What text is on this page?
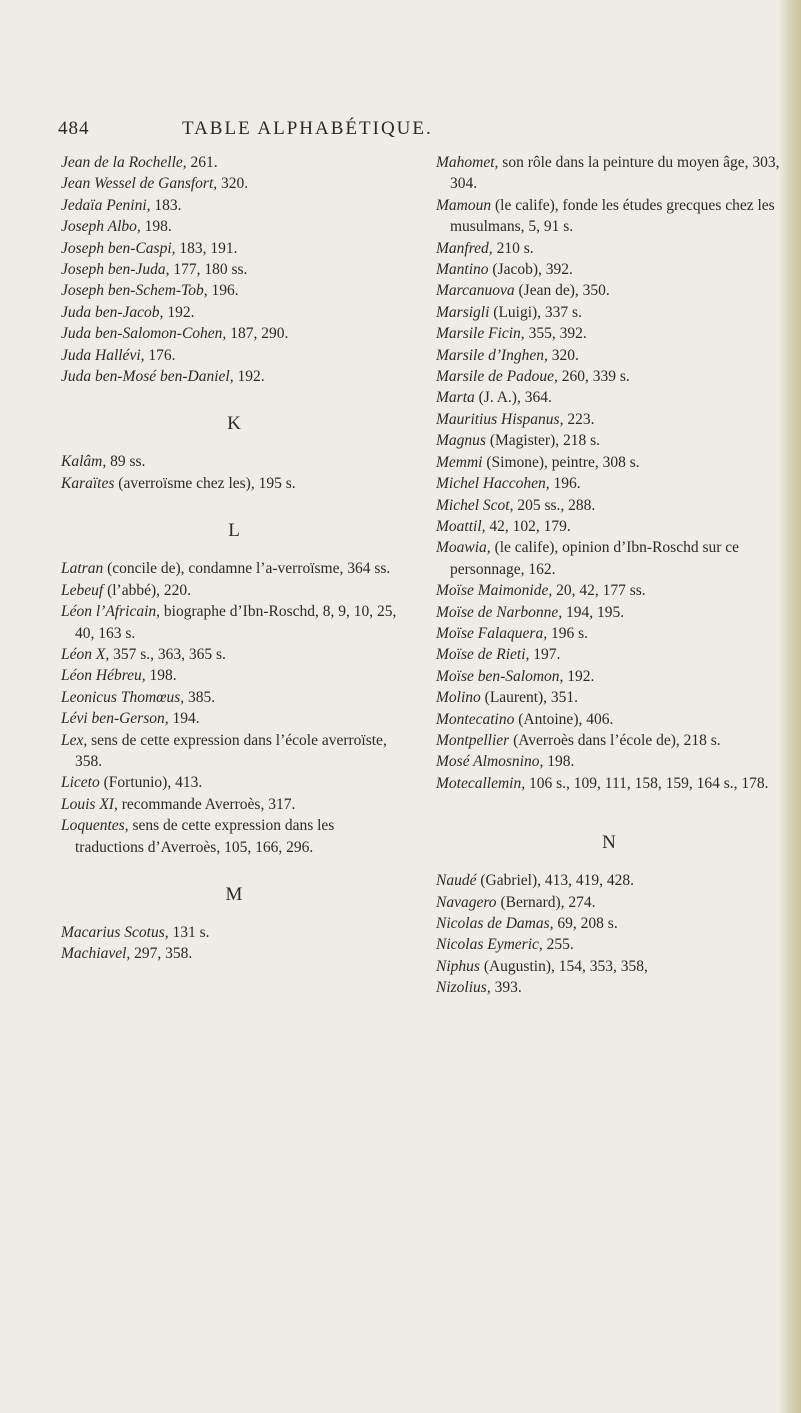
484	TABLE ALPHABÉTIQUE.

Jean de la Rochelle, 261.

Jean Wessel de Gansfort, 320.

Jedaïa Penini, 183.

Joseph Albo, 198.

Joseph ben-Caspi, 183, 191.

Joseph ben-Juda, 177, 180 ss.

Joseph ben-Schem-Tob, 196.

Juda ben-Jacob, 192.

Juda ben-Salomon-Cohen, 187, 290.

Juda Hallévi, 176.

Juda ben-Mosé ben-Daniel, 192.

K

Kalâm, 89 ss.

Karaïtes (averroïsme chez les), 195 s.

L

Latran (concile de), condamne l’a-verroïsme, 364 ss.

Lebeuf (l’abbé), 220.

Léon l’Africain, biographe d’Ibn-Roschd, 8, 9, 10, 25, 40, 163 s.

Léon X, 357 s., 363, 365 s.

Léon Hébreu, 198.

Leonicus Thomœus, 385.

Lévi ben-Gerson, 194.

Lex, sens de cette expression dans l’école averroïste, 358.

Liceto (Fortunio), 413.

Louis XI, recommande Averroès, 317.

Loquentes, sens de cette expression dans les traductions d’Averroès, 105, 166, 296.

M

Macarius Scotus, 131 s.

Machiavel, 297, 358.

Mahomet, son rôle dans la peinture du moyen âge, 303, 304.

Mamoun (le calife), fonde les études grecques chez les musulmans, 5, 91 s.

Manfred, 210 s.

Mantino (Jacob), 392.

Marcanuova (Jean de), 350.

Marsigli (Luigi), 337 s.

Marsile Ficin, 355, 392.

Marsile d’Inghen, 320.

Marsile de Padoue, 260, 339 s.

Marta (J. A.), 364.

Mauritius Hispanus, 223.

Magnus (Magister), 218 s.

Memmi (Simone), peintre, 308 s.

Michel Haccohen, 196.

Michel Scot, 205 ss., 288.

Moattil, 42, 102, 179.

Moawia, (le calife), opinion d’Ibn-Roschd sur ce personnage, 162.

Moïse Maimonide, 20, 42, 177 ss.

Moïse de Narbonne, 194, 195.

Moïse Falaquera, 196 s.

Moïse de Rieti, 197.

Moïse ben-Salomon, 192.

Molino (Laurent), 351.

Montecatino (Antoine), 406.

Montpellier (Averroès dans l’école de), 218 s.

Mosé Almosnino, 198.

Motecallemin, 106 s., 109, 111, 158, 159, 164 s., 178.

N

Naudé (Gabriel), 413, 419, 428.

Navagero (Bernard), 274.

Nicolas de Damas, 69, 208 s.

Nicolas Eymeric, 255.

Niphus (Augustin), 154, 353, 358,

Nizolius, 393.
